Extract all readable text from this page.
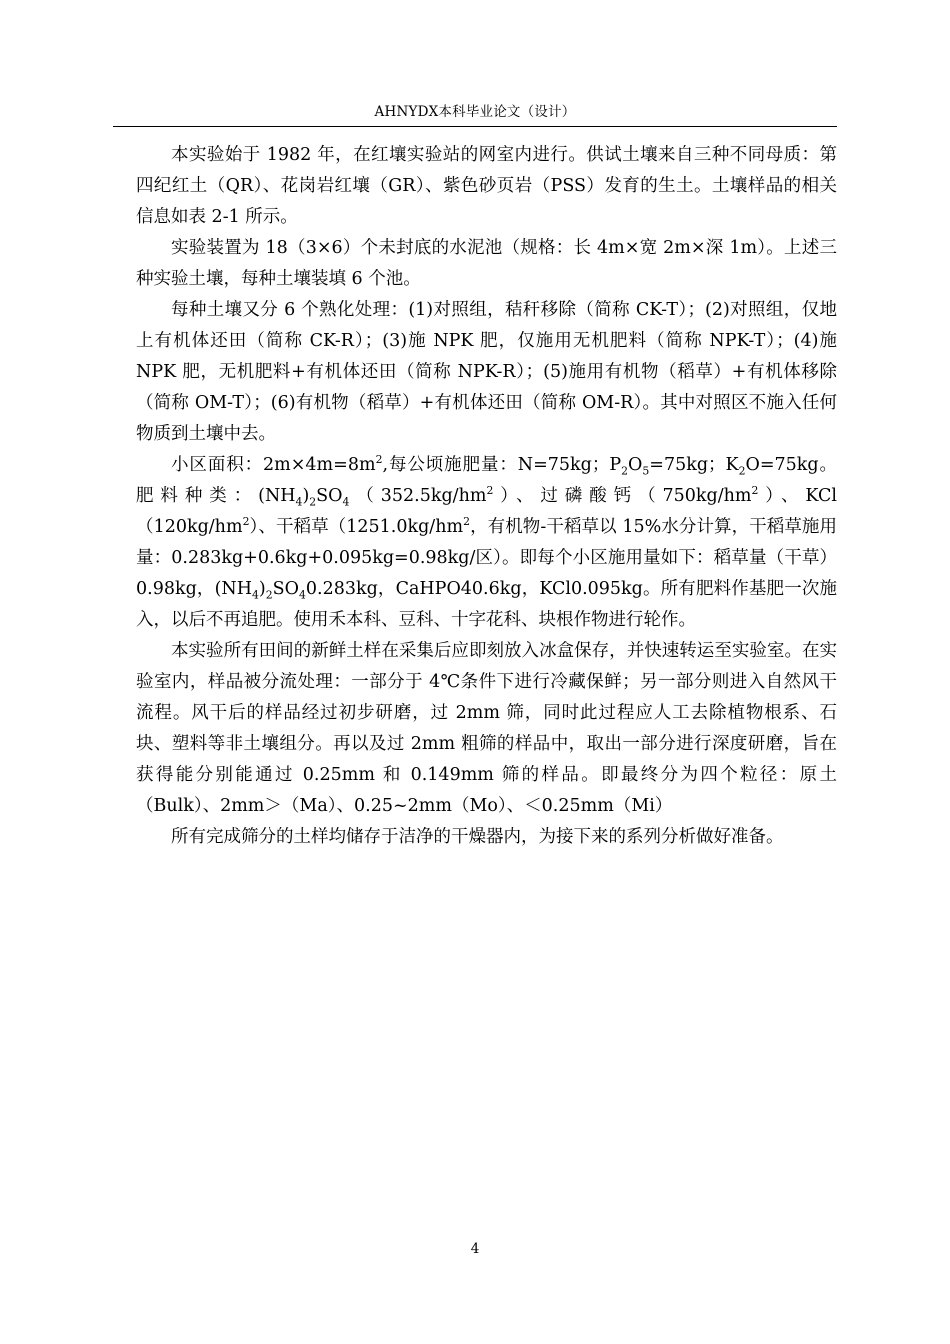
AHNYDX本科毕业论文（设计）

本实验始于 1982 年，在红壤实验站的网室内进行。供试土壤来自三种不同母质：第四纪红土（QR）、花岗岩红壤（GR）、紫色砂页岩（PSS）发育的生土。土壤样品的相关信息如表 2-1 所示。

实验装置为 18（3×6）个未封底的水泥池（规格：长 4m×宽 2m×深 1m）。上述三种实验土壤，每种土壤装填 6 个池。

每种土壤又分 6 个熟化处理：(1)对照组，秸秆移除（简称 CK-T）；(2)对照组，仅地上有机体还田（简称 CK-R）；(3)施 NPK 肥，仅施用无机肥料（简称 NPK-T）；(4)施 NPK 肥，无机肥料+有机体还田（简称 NPK-R）；(5)施用有机物（稻草）+有机体移除（简称 OM-T）；(6)有机物（稻草）+有机体还田（简称 OM-R）。其中对照区不施入任何物质到土壤中去。

小区面积：$2m\times 4m=8m^2$,每公顷施肥量：N=75kg；$P_2O_5=75kg$；$K_2O=75kg$。肥料种类：$(NH_4)_2SO_4(352.5kg/hm^2)$、过磷酸钙$(750kg/hm^2)$、$KCl(120kg/hm^2)$、干稻草（$1251.0kg/hm^2$，有机物-干稻草以 15%水分计算，干稻草施用量：0.283kg+0.6kg+0.095kg=0.98kg/区）。即每个小区施用量如下：稻草量（干草）0.98kg，$(NH_4)_2SO_40.283kg$，CaHPO40.6kg，KCl0.095kg。所有肥料作基肥一次施入，以后不再追肥。使用禾本科、豆科、十字花科、块根作物进行轮作。

本实验所有田间的新鲜土样在采集后应即刻放入冰盒保存，并快速转运至实验室。在实验室内，样品被分流处理：一部分于 4℃条件下进行冷藏保鲜；另一部分则进入自然风干流程。风干后的样品经过初步研磨，过 2mm 筛，同时此过程应人工去除植物根系、石块、塑料等非土壤组分。再以及过 2mm 粗筛的样品中，取出一部分进行深度研磨，旨在获得能分别能通过 0.25mm 和 0.149mm 筛的样品。即最终分为四个粒径：原土（Bulk）、2mm＞（Ma）、0.25~2mm（Mo）、＜0.25mm（Mi）

所有完成筛分的土样均储存于洁净的干燥器内，为接下来的系列分析做好准备。

4
